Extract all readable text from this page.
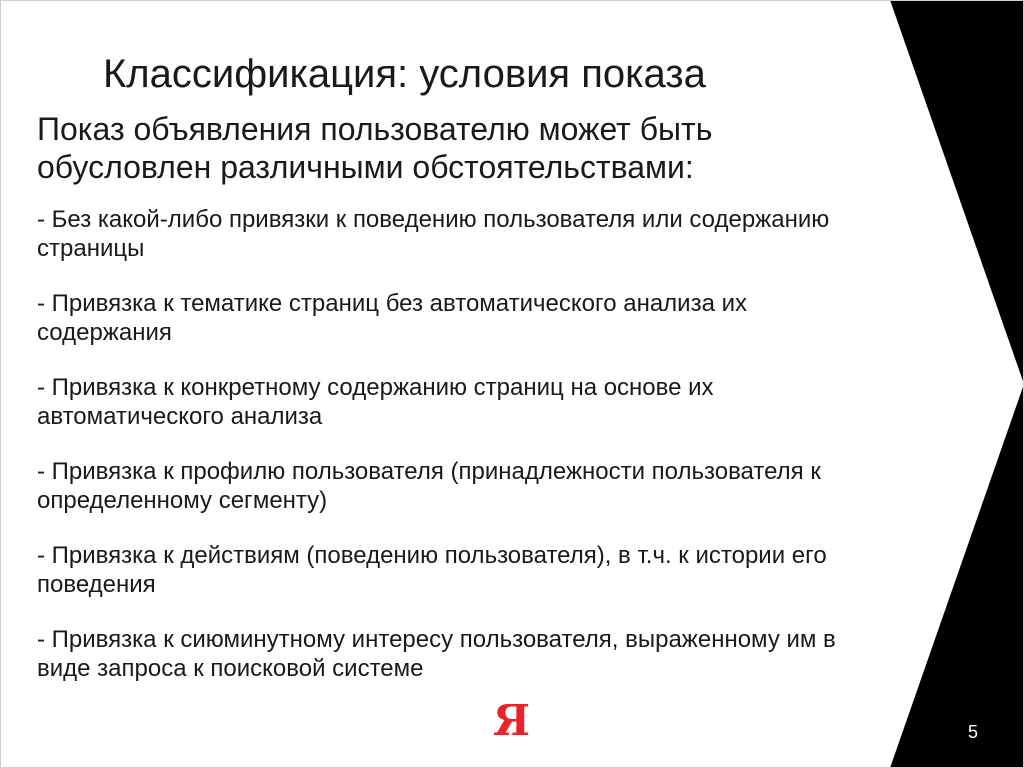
Классификация: условия показа

Показ объявления пользователю может быть обусловлен различными обстоятельствами:

- Без какой-либо привязки к поведению пользователя или содержанию страницы
- Привязка к тематике страниц без автоматического анализа их содержания
- Привязка к конкретному содержанию страниц на основе их автоматического анализа
- Привязка к профилю пользователя (принадлежности пользователя к определенному сегменту)
- Привязка к действиям (поведению пользователя), в т.ч. к истории его поведения
- Привязка к сиюминутному интересу пользователя, выраженному им в виде запроса к поисковой системе
Я	5
